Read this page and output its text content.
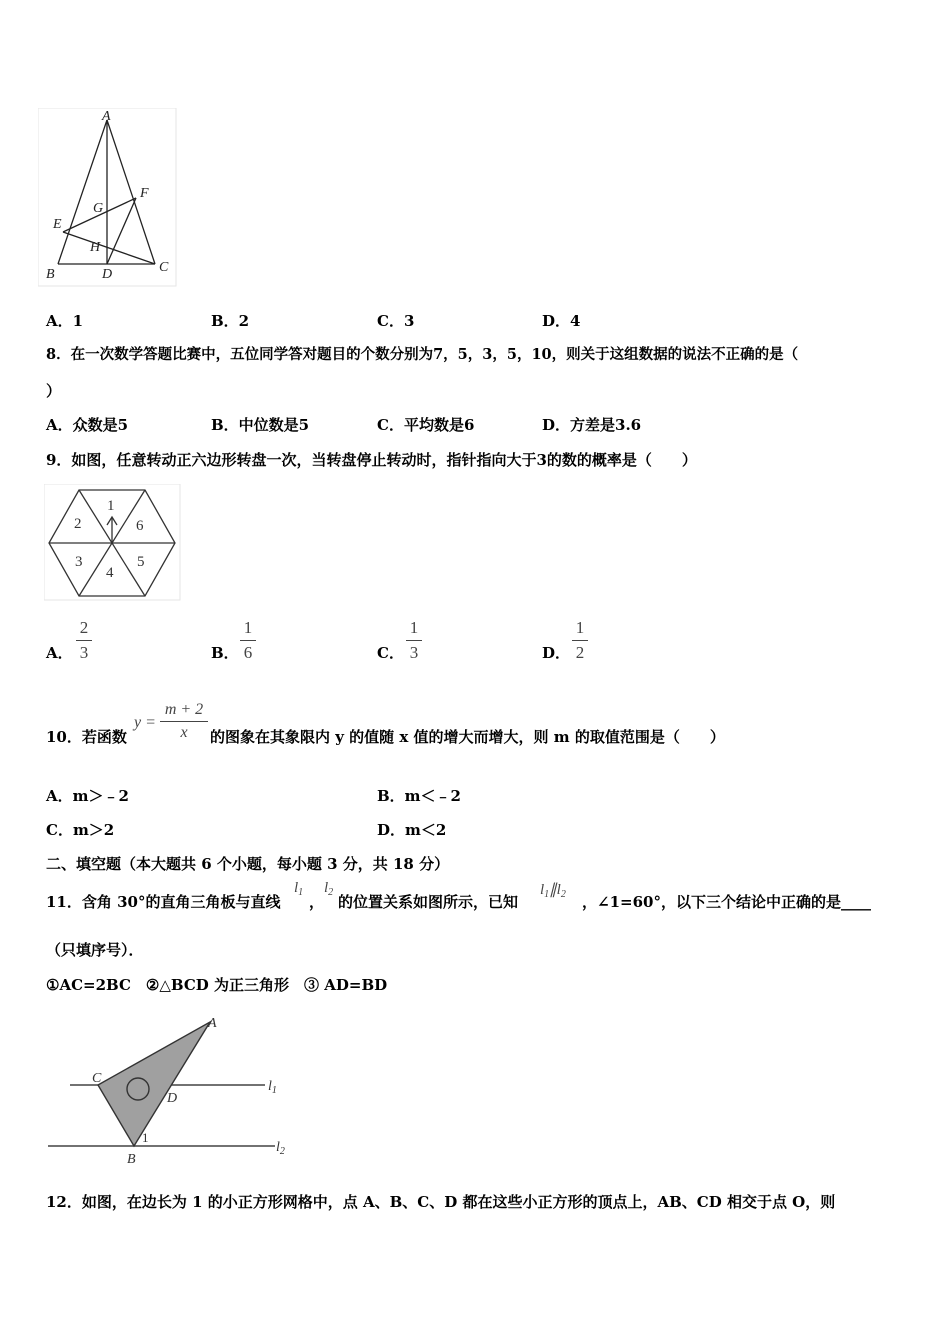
A
B	C
D
E
F
G
H
A．1	B．2	C．3	D．4
8．在一次数学答题比赛中，五位同学答对题目的个数分别为7，5，3，5，10，则关于这组数据的说法不正确的是（
）
A．众数是5	B．中位数是5	C．平均数是6	D．方差是3.6
9．如图，任意转动正六边形转盘一次，当转盘停止转动时，指针指向大于3的数的概率是（　　）
1
2
3
4
5
6
A．
2
3	B．
1
6	C．
1
3	D．
1
2
10．若函数
y =
m + 2
x	的图象在其象限内 y 的值随 x 值的增大而增大，则 m 的取值范围是（　　）
A．m＞﹣2	B．m＜﹣2
C．m＞2	D．m＜2
二、填空题（本大题共 6 个小题，每小题 3 分，共 18 分）
11．含角 30°的直角三角板与直线
$l_1$
，
$l_2$
的位置关系如图所示，已知
$l_1\parallel l_2$ ，∠1=60°，以下三个结论中正确的是____
（只填序号）．
①AC=2BC　②△BCD 为正三角形　③ AD=BD
A
C
D
B
$l_1$
$l_2$
1
12．如图，在边长为 1 的小正方形网格中，点 A、B、C、D 都在这些小正方形的顶点上，AB、CD 相交于点 O，则
